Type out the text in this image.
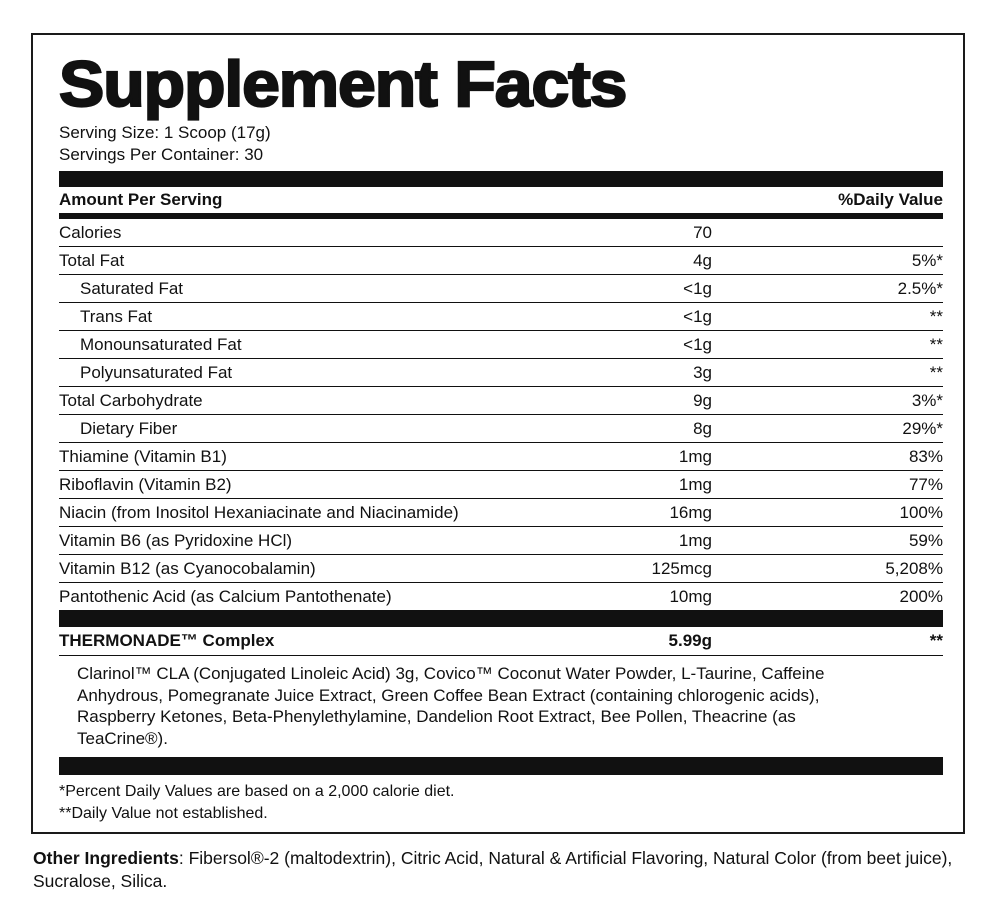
Supplement Facts
Serving Size: 1 Scoop (17g)
Servings Per Container: 30
Amount Per Serving	%Daily Value
Calories	70
Total Fat	4g	5%*
Saturated Fat	<1g	2.5%*
Trans Fat	<1g	**
Monounsaturated Fat	<1g	**
Polyunsaturated Fat	3g	**
Total Carbohydrate	9g	3%*
Dietary Fiber	8g	29%*
Thiamine (Vitamin B1)	1mg	83%
Riboflavin (Vitamin B2)	1mg	77%
Niacin (from Inositol Hexaniacinate and Niacinamide)	16mg	100%
Vitamin B6 (as Pyridoxine HCl)	1mg	59%
Vitamin B12 (as Cyanocobalamin)	125mcg	5,208%
Pantothenic Acid (as Calcium Pantothenate)	10mg	200%
THERMONADE™ Complex	5.99g	**
Clarinol™ CLA (Conjugated Linoleic Acid) 3g, Covico™ Coconut Water Powder, L-Taurine, Caffeine Anhydrous, Pomegranate Juice Extract, Green Coffee Bean Extract (containing chlorogenic acids), Raspberry Ketones, Beta-Phenylethylamine, Dandelion Root Extract, Bee Pollen, Theacrine (as TeaCrine®).
*Percent Daily Values are based on a 2,000 calorie diet.
**Daily Value not established.
Other Ingredients: Fibersol®-2 (maltodextrin), Citric Acid, Natural & Artificial Flavoring, Natural Color (from beet juice), Sucralose, Silica.
